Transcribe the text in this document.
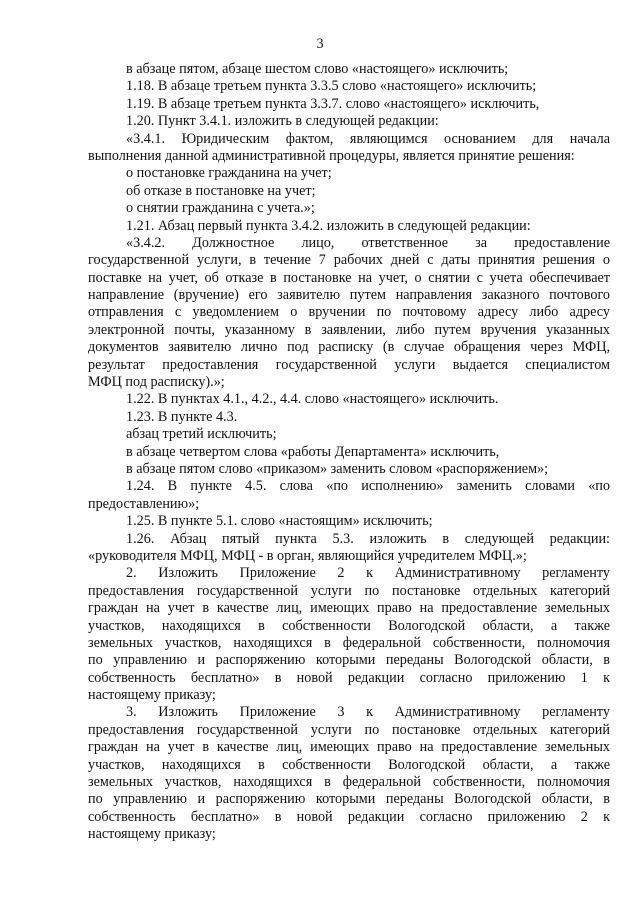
3
в абзаце пятом, абзаце шестом слово «настоящего» исключить;
1.18. В абзаце третьем пункта 3.3.5 слово «настоящего» исключить;
1.19. В абзаце третьем пункта 3.3.7. слово «настоящего» исключить,
1.20. Пункт 3.4.1. изложить в следующей редакции:
«3.4.1. Юридическим фактом, являющимся основанием для начала
выполнения данной административной процедуры, является принятие решения:
о постановке гражданина на учет;
об отказе в постановке на учет;
о снятии гражданина с учета.»;
1.21. Абзац первый пункта 3.4.2. изложить в следующей редакции:
«3.4.2. Должностное лицо, ответственное за предоставление
государственной услуги, в течение 7 рабочих дней с даты принятия решения о
поставке на учет, об отказе в постановке на учет, о снятии с учета обеспечивает
направление (вручение) его заявителю путем направления заказного почтового
отправления с уведомлением о вручении по почтовому адресу либо адресу
электронной почты, указанному в заявлении, либо путем вручения указанных
документов заявителю лично под расписку (в случае обращения через МФЦ,
результат предоставления государственной услуги выдается специалистом
МФЦ под расписку).»;
1.22. В пунктах 4.1., 4.2., 4.4. слово «настоящего» исключить.
1.23. В пункте 4.3.
абзац третий исключить;
в абзаце четвертом слова «работы Департамента» исключить,
в абзаце пятом слово «приказом» заменить словом «распоряжением»;
1.24. В пункте 4.5. слова «по исполнению» заменить словами «по
предоставлению»;
1.25. В пункте 5.1. слово «настоящим» исключить;
1.26. Абзац пятый пункта 5.3. изложить в следующей редакции:
«руководителя МФЦ, МФЦ - в орган, являющийся учредителем МФЦ.»;
2. Изложить Приложение 2 к Административному регламенту
предоставления государственной услуги по постановке отдельных категорий
граждан на учет в качестве лиц, имеющих право на предоставление земельных
участков, находящихся в собственности Вологодской области, а также
земельных участков, находящихся в федеральной собственности, полномочия
по управлению и распоряжению которыми переданы Вологодской области, в
собственность бесплатно» в новой редакции согласно приложению 1 к
настоящему приказу;
3. Изложить Приложение 3 к Административному регламенту
предоставления государственной услуги по постановке отдельных категорий
граждан на учет в качестве лиц, имеющих право на предоставление земельных
участков, находящихся в собственности Вологодской области, а также
земельных участков, находящихся в федеральной собственности, полномочия
по управлению и распоряжению которыми переданы Вологодской области, в
собственность бесплатно» в новой редакции согласно приложению 2 к
настоящему приказу;
